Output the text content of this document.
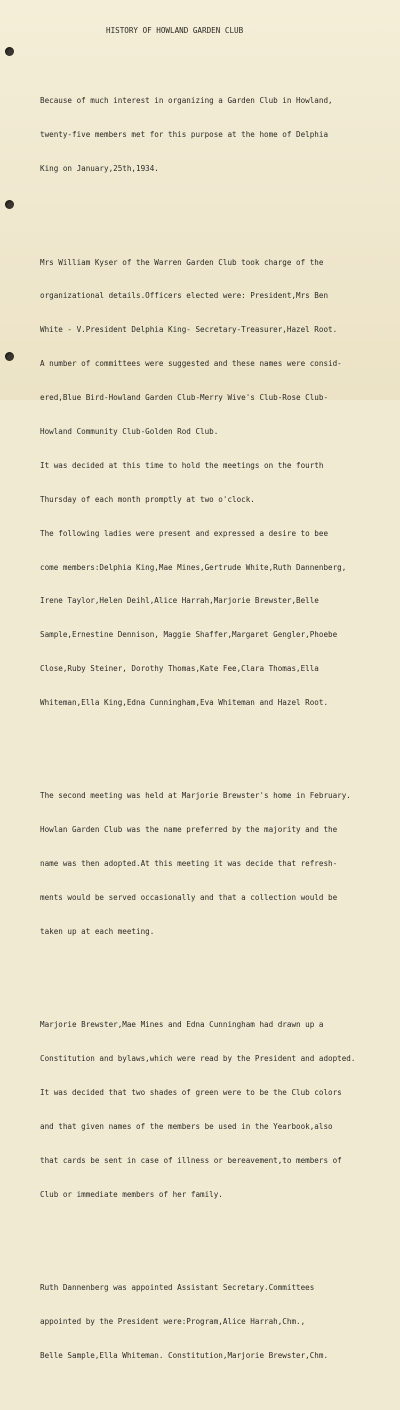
HISTORY OF HOWLAND GARDEN CLUB

Because of much interest in organizing a Garden Club in Howland,

twenty-five members met for this purpose at the home of Delphia

King on January,25th,1934.

Mrs William Kyser of the Warren Garden Club took charge of the

organizational details.Officers elected were: President,Mrs Ben

White - V.President Delphia King- Secretary-Treasurer,Hazel Root.

A number of committees were suggested and these names were consid-

ered,Blue Bird-Howland Garden Club-Merry Wive's Club-Rose Club-

Howland Community Club-Golden Rod Club.

It was decided at this time to hold the meetings on the fourth

Thursday of each month promptly at two o'clock.

The following ladies were present and expressed a desire to bee

come members:Delphia King,Mae Mines,Gertrude White,Ruth Dannenberg,

Irene Taylor,Helen Deihl,Alice Harrah,Marjorie Brewster,Belle

Sample,Ernestine Dennison, Maggie Shaffer,Margaret Gengler,Phoebe

Close,Ruby Steiner, Dorothy Thomas,Kate Fee,Clara Thomas,Ella

Whiteman,Ella King,Edna Cunningham,Eva Whiteman and Hazel Root.

The second meeting was held at Marjorie Brewster's home in February.

Howlan Garden Club was the name preferred by the majority and the

name was then adopted.At this meeting it was decide that refresh-

ments would be served occasionally and that a collection would be

taken up at each meeting.

Marjorie Brewster,Mae Mines and Edna Cunningham had drawn up a

Constitution and bylaws,which were read by the President and adopted.

It was decided that two shades of green were to be the Club colors

and that given names of the members be used in the Yearbook,also

that cards be sent in case of illness or bereavement,to members of

Club or immediate members of her family.

Ruth Dannenberg was appointed Assistant Secretary.Committees

appointed by the President were:Program,Alice Harrah,Chm.,

Belle Sample,Ella Whiteman. Constitution,Marjorie Brewster,Chm.
